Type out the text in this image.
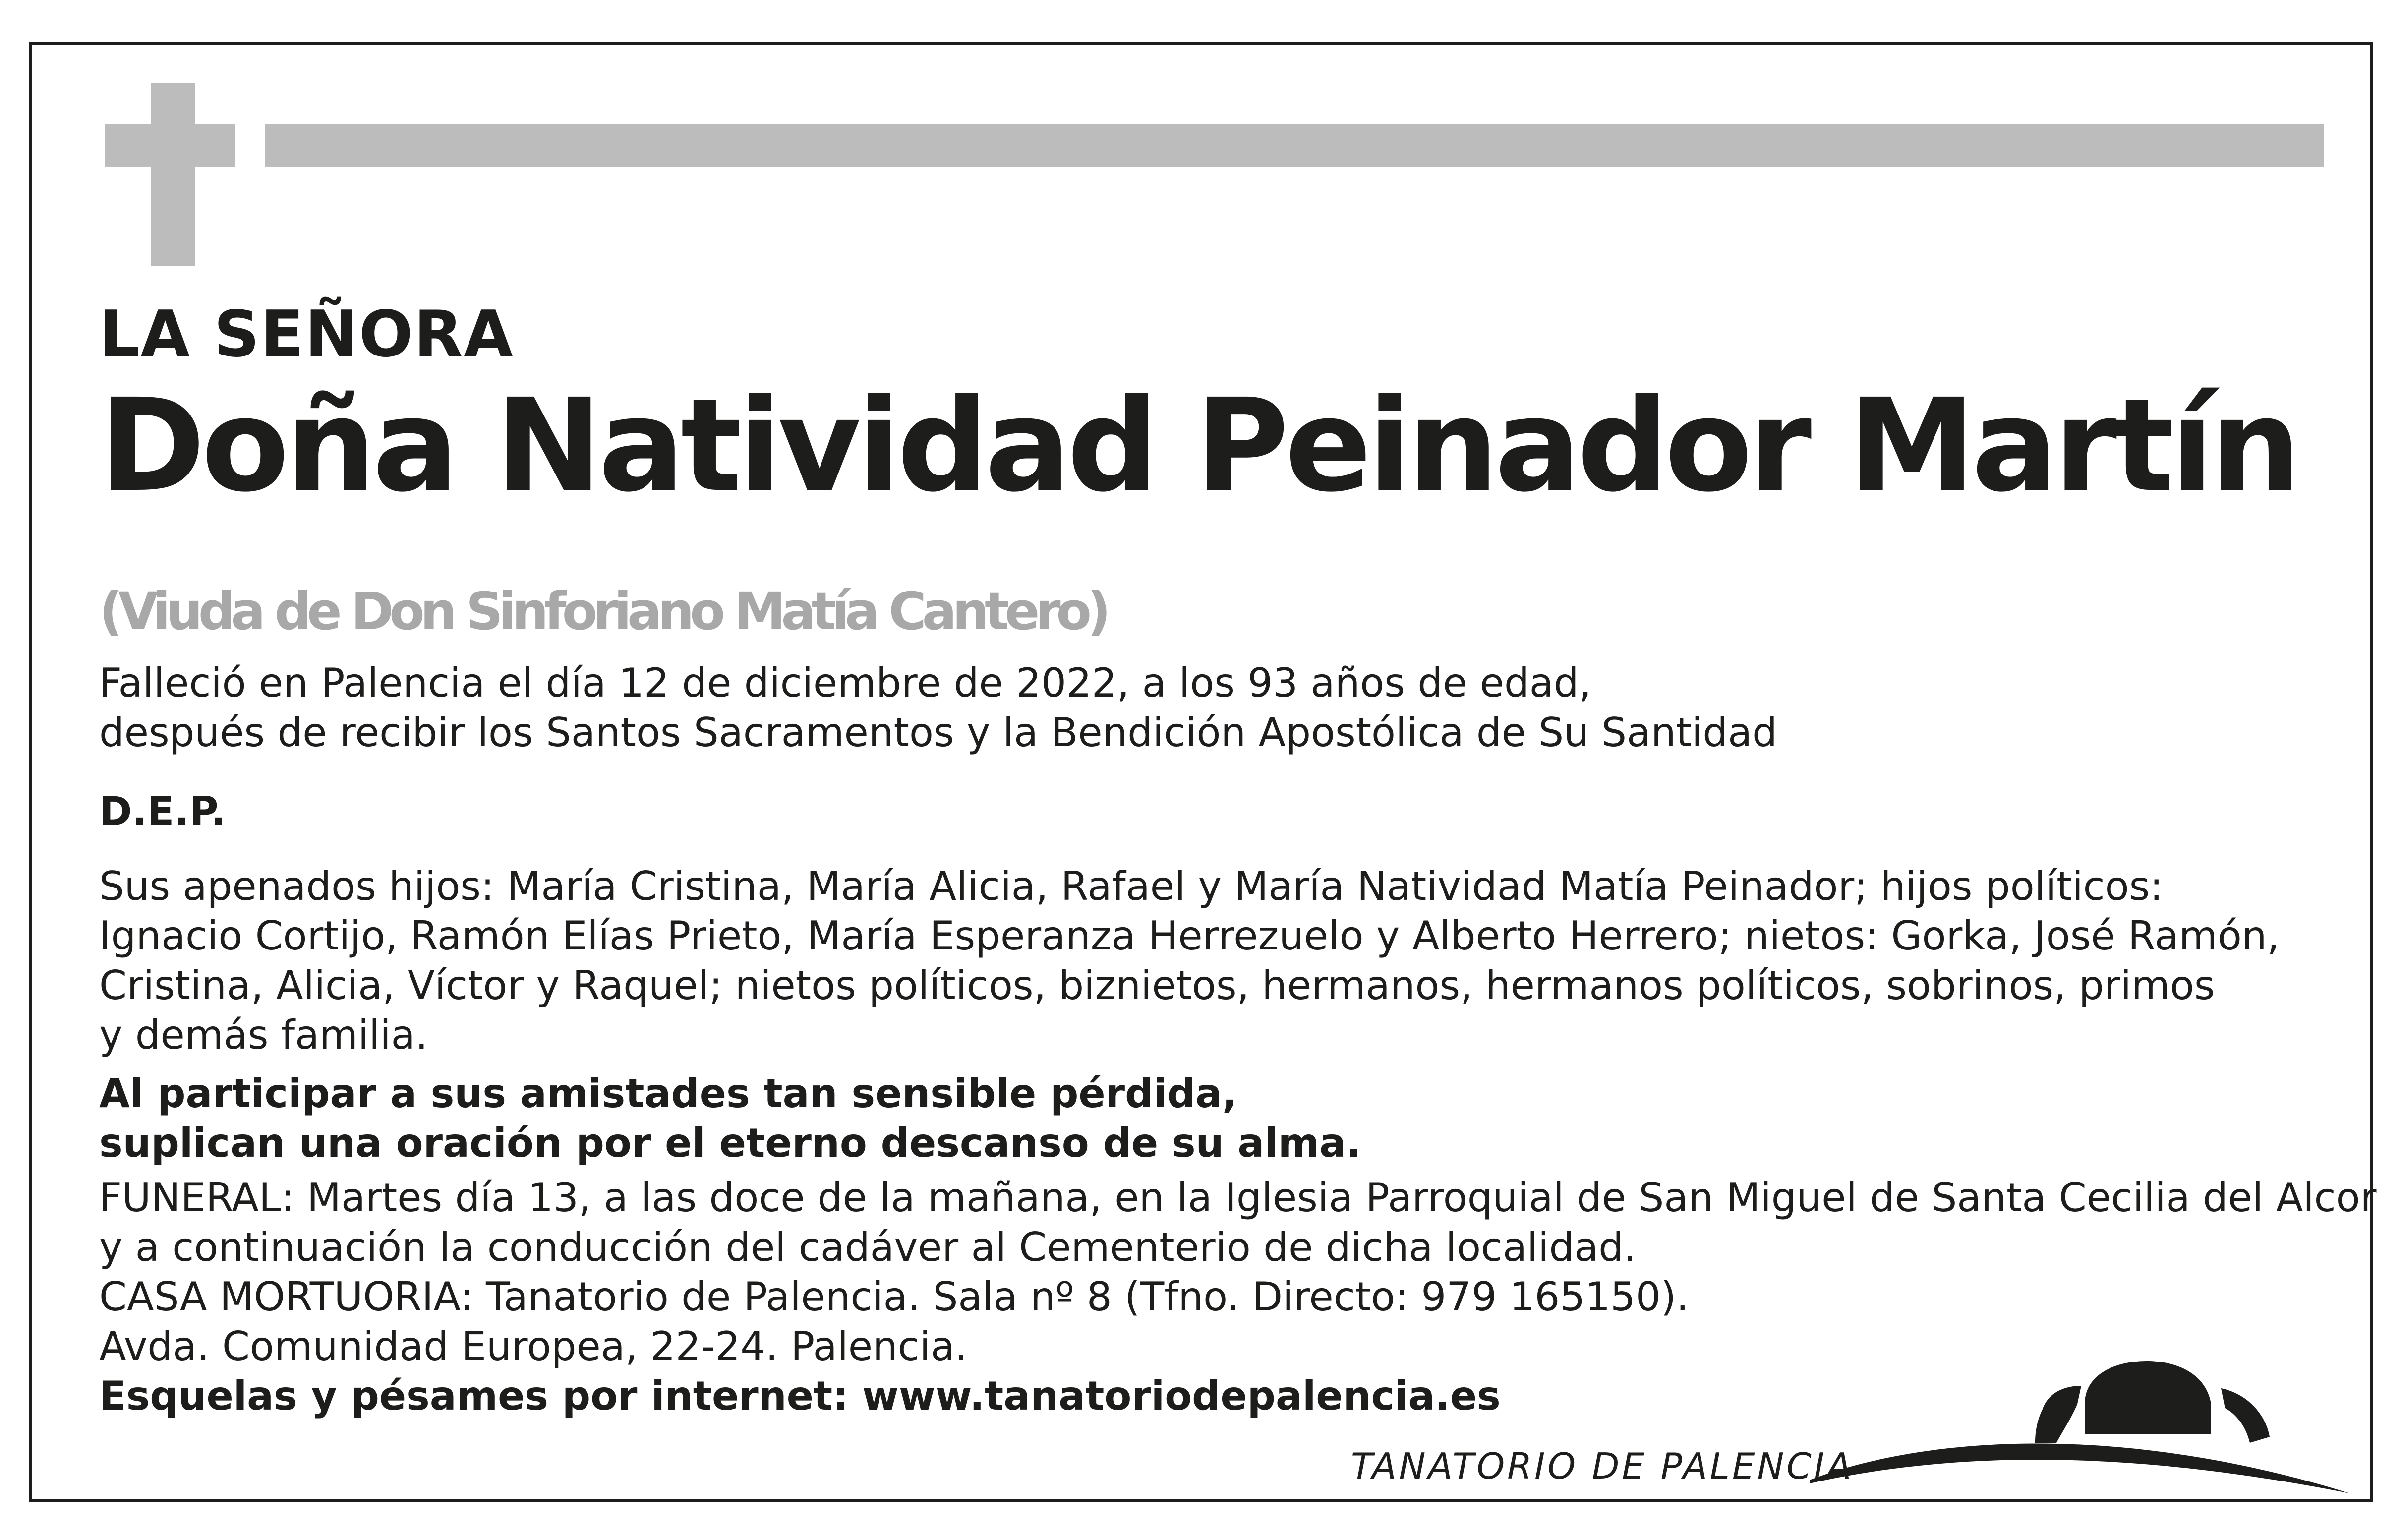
LA SEÑORA
Doña Natividad Peinador Martín
(Viuda de Don Sinforiano Matía Cantero)
Falleció en Palencia el día 12 de diciembre de 2022, a los 93 años de edad,
después de recibir los Santos Sacramentos y la Bendición Apostólica de Su Santidad
D.E.P.
Sus apenados hijos: María Cristina, María Alicia, Rafael y María Natividad Matía Peinador; hijos políticos:
Ignacio Cortijo, Ramón Elías Prieto, María Esperanza Herrezuelo y Alberto Herrero; nietos: Gorka, José Ramón,
Cristina, Alicia, Víctor y Raquel; nietos políticos, biznietos, hermanos, hermanos políticos, sobrinos, primos
y demás familia.
Al participar a sus amistades tan sensible pérdida,
suplican una oración por el eterno descanso de su alma.
FUNERAL: Martes día 13, a las doce de la mañana, en la Iglesia Parroquial de San Miguel de Santa Cecilia del Alcor
y a continuación la conducción del cadáver al Cementerio de dicha localidad.
CASA MORTUORIA: Tanatorio de Palencia. Sala nº 8 (Tfno. Directo: 979 165150).
Avda. Comunidad Europea, 22-24. Palencia.
Esquelas y pésames por internet: www.tanatoriodepalencia.es
TANATORIO DE PALENCIA
